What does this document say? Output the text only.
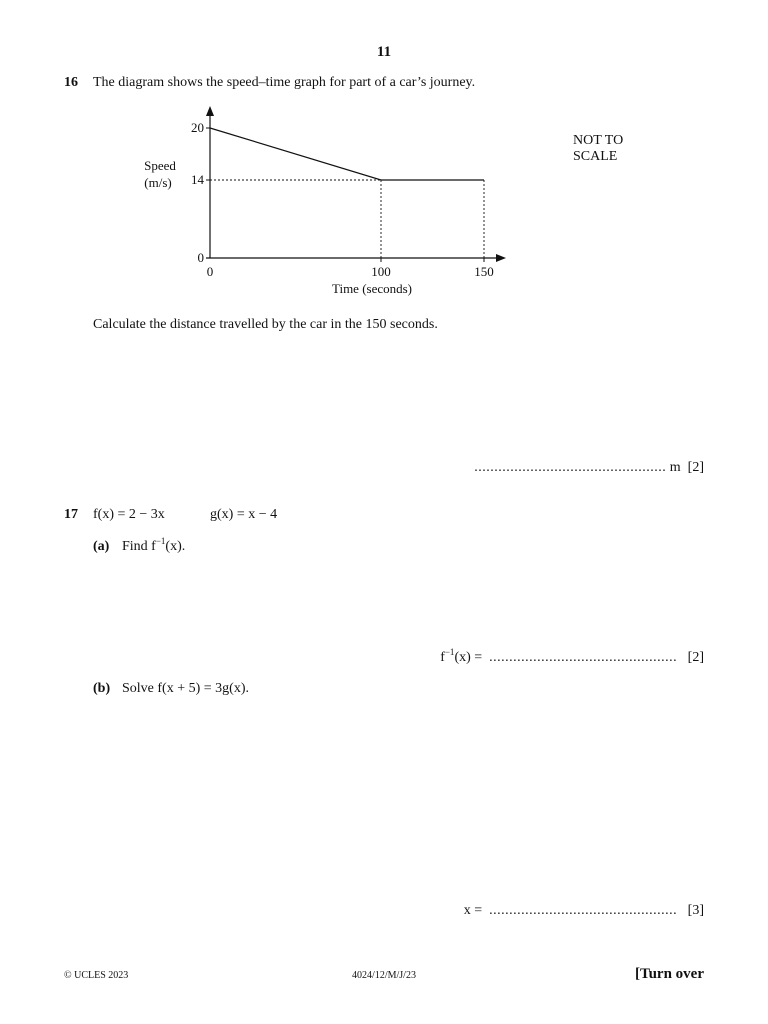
11
16 The diagram shows the speed–time graph for part of a car’s journey.
20
14
0
0	100	150
Speed
(m/s)
Time (seconds)
NOT TO
SCALE
Calculate the distance travelled by the car in the 150 seconds.
................................................ m [2]
17 f(x) = 2 − 3x	g(x) = x − 4
(a) Find $f^{-1}(x)$.
$f^{-1}(x)$ = ............................................... [2]
(b) Solve f(x + 5) = 3g(x).
x = ............................................... [3]
© UCLES 2023	4024/12/M/J/23	[Turn over
